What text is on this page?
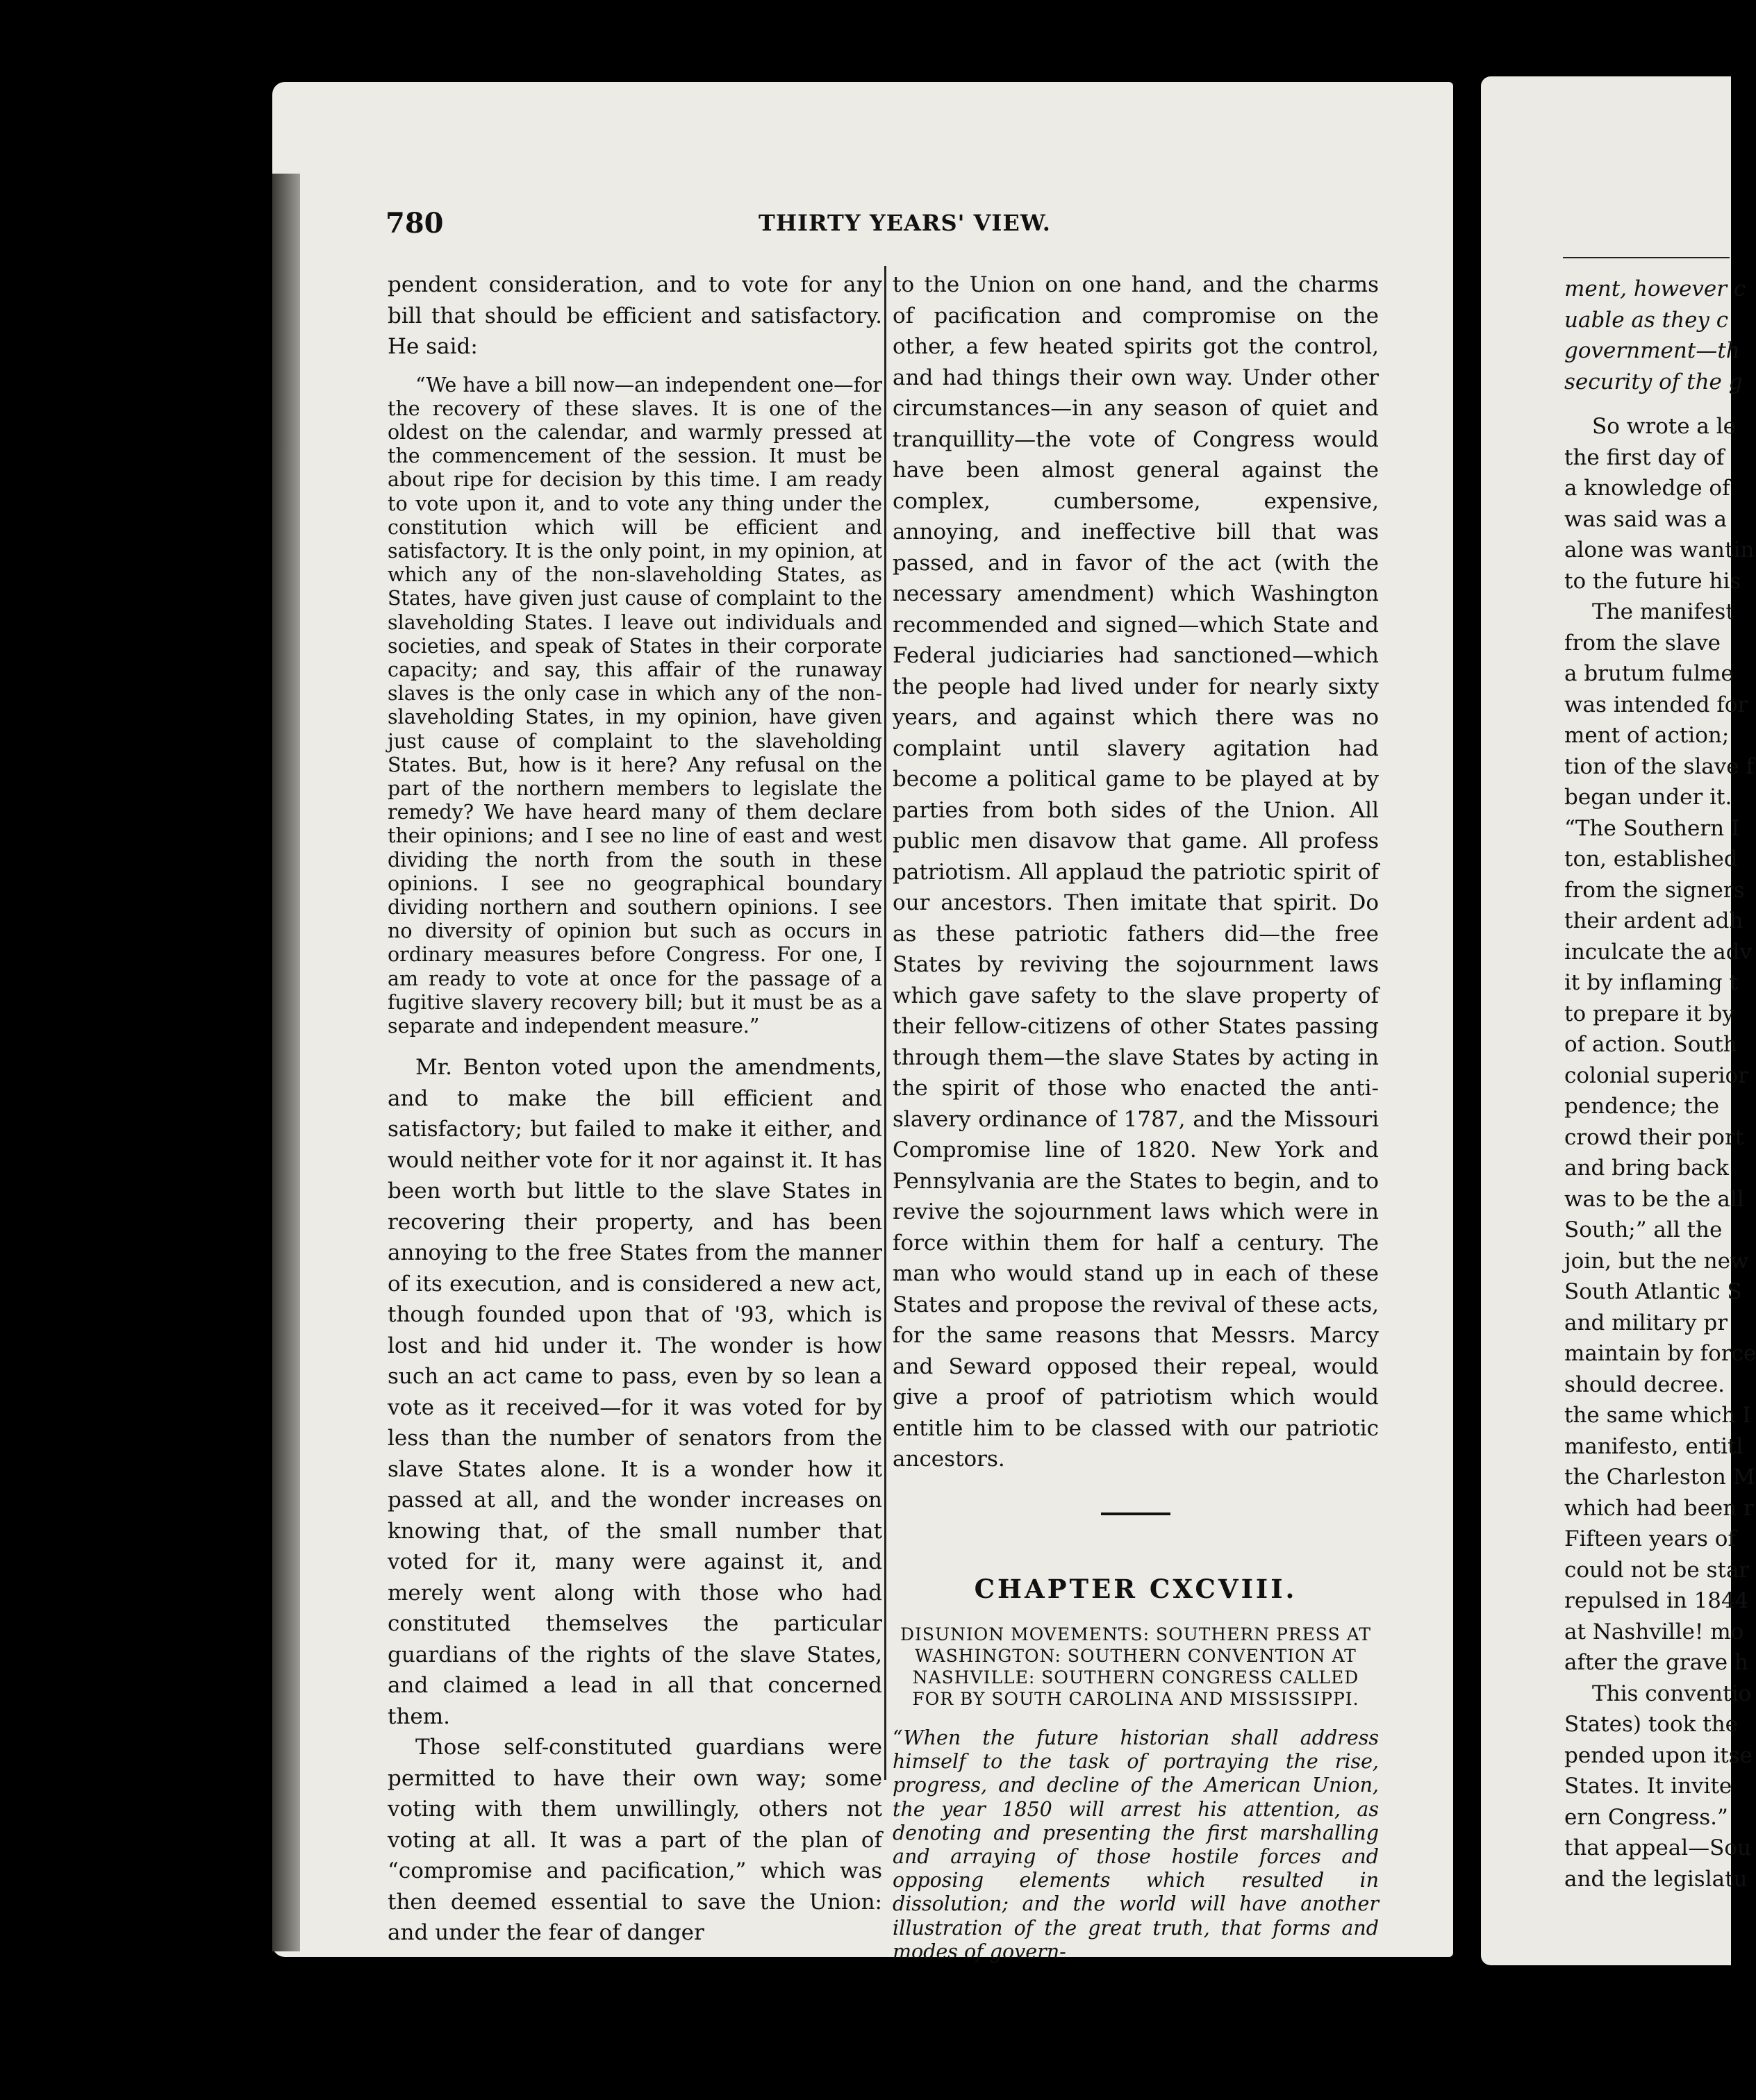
780	THIRTY YEARS' VIEW.

pendent consideration, and to vote for any bill that should be efficient and satisfactory. He said:

“We have a bill now—an independent one—for the recovery of these slaves. It is one of the oldest on the calendar, and warmly pressed at the commencement of the session. It must be about ripe for decision by this time. I am ready to vote upon it, and to vote any thing under the constitution which will be efficient and satisfactory. It is the only point, in my opinion, at which any of the non-slaveholding States, as States, have given just cause of complaint to the slaveholding States. I leave out individuals and societies, and speak of States in their corporate capacity; and say, this affair of the runaway slaves is the only case in which any of the non-slaveholding States, in my opinion, have given just cause of complaint to the slaveholding States. But, how is it here? Any refusal on the part of the northern members to legislate the remedy? We have heard many of them declare their opinions; and I see no line of east and west dividing the north from the south in these opinions. I see no geographical boundary dividing northern and southern opinions. I see no diversity of opinion but such as occurs in ordinary measures before Congress. For one, I am ready to vote at once for the passage of a fugitive slavery recovery bill; but it must be as a separate and independent measure.”

Mr. Benton voted upon the amendments, and to make the bill efficient and satisfactory; but failed to make it either, and would neither vote for it nor against it. It has been worth but little to the slave States in recovering their property, and has been annoying to the free States from the manner of its execution, and is considered a new act, though founded upon that of '93, which is lost and hid under it. The wonder is how such an act came to pass, even by so lean a vote as it received—for it was voted for by less than the number of senators from the slave States alone. It is a wonder how it passed at all, and the wonder increases on knowing that, of the small number that voted for it, many were against it, and merely went along with those who had constituted themselves the particular guardians of the rights of the slave States, and claimed a lead in all that concerned them.

Those self-constituted guardians were permitted to have their own way; some voting with them unwillingly, others not voting at all. It was a part of the plan of “compromise and pacification,” which was then deemed essential to save the Union: and under the fear of danger

to the Union on one hand, and the charms of pacification and compromise on the other, a few heated spirits got the control, and had things their own way. Under other circumstances—in any season of quiet and tranquillity—the vote of Congress would have been almost general against the complex, cumbersome, expensive, annoying, and ineffective bill that was passed, and in favor of the act (with the necessary amendment) which Washington recommended and signed—which State and Federal judiciaries had sanctioned—which the people had lived under for nearly sixty years, and against which there was no complaint until slavery agitation had become a political game to be played at by parties from both sides of the Union. All public men disavow that game. All profess patriotism. All applaud the patriotic spirit of our ancestors. Then imitate that spirit. Do as these patriotic fathers did—the free States by reviving the sojournment laws which gave safety to the slave property of their fellow-citizens of other States passing through them—the slave States by acting in the spirit of those who enacted the anti-slavery ordinance of 1787, and the Missouri Compromise line of 1820. New York and Pennsylvania are the States to begin, and to revive the sojournment laws which were in force within them for half a century. The man who would stand up in each of these States and propose the revival of these acts, for the same reasons that Messrs. Marcy and Seward opposed their repeal, would give a proof of patriotism which would entitle him to be classed with our patriotic ancestors.

CHAPTER CXCVIII.

DISUNION MOVEMENTS: SOUTHERN PRESS AT WASHINGTON: SOUTHERN CONVENTION AT NASHVILLE: SOUTHERN CONGRESS CALLED FOR BY SOUTH CAROLINA AND MISSISSIPPI.

“When the future historian shall address himself to the task of portraying the rise, progress, and decline of the American Union, the year 1850 will arrest his attention, as denoting and presenting the first marshalling and arraying of those hostile forces and opposing elements which resulted in dissolution; and the world will have another illustration of the great truth, that forms and modes of govern-

ment, however c
uable as they c
government—th
security of the g
So wrote a le
the first day of
a knowledge of
was said was a
alone was wantin
to the future his
The manifest
from the slave
a brutum fulme
was intended for
ment of action;
tion of the slave f
began under it.
“The Southern I
ton, established
from the signers
their ardent adh
inculcate the adv
it by inflaming t
to prepare it by
of action. South
colonial superior
pendence; the
crowd their port
and bring back
was to be the all
South;” all the
join, but the new
South Atlantic S
and military pr
maintain by force
should decree.
the same which I
manifesto, entitl
the Charleston M
which had been r
Fifteen years of
could not be star
repulsed in 1844
at Nashville! mo
after the grave h
This conventio
States) took the
pended upon itse
States. It invite
ern Congress.”
that appeal—Sou
and the legislatu
